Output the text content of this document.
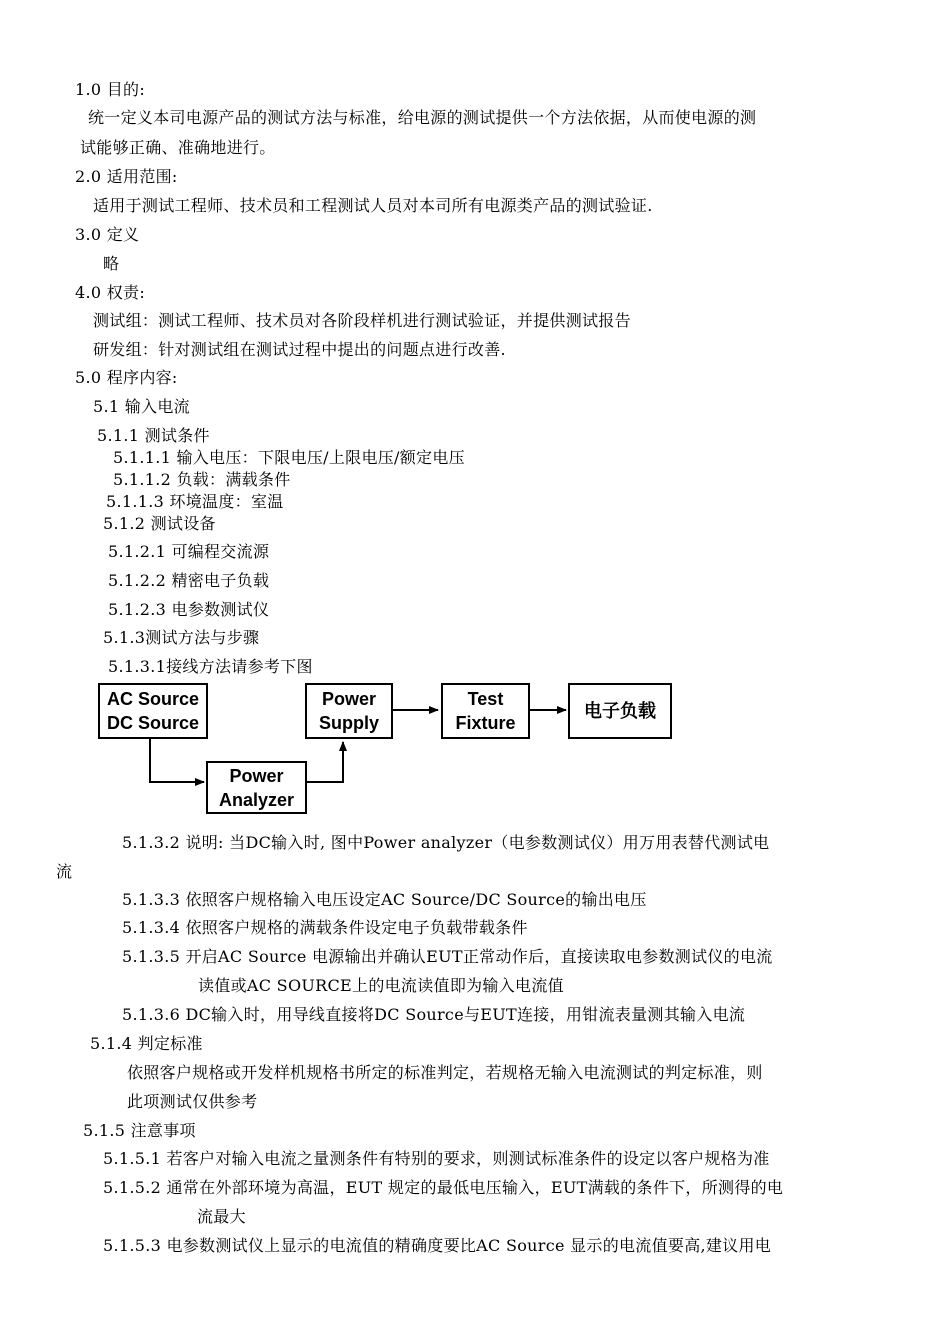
1.0 目的:
统一定义本司电源产品的测试方法与标准，给电源的测试提供一个方法依据，从而使电源的测
试能够正确、准确地进行。
2.0 适用范围:
适用于测试工程师、技术员和工程测试人员对本司所有电源类产品的测试验证.
3.0 定义
略
4.0 权责:
测试组：测试工程师、技术员对各阶段样机进行测试验证，并提供测试报告
研发组：针对测试组在测试过程中提出的问题点进行改善.
5.0 程序内容:
5.1 输入电流
5.1.1 测试条件
5.1.1.1 输入电压：下限电压/上限电压/额定电压
5.1.1.2 负载：满载条件
5.1.1.3 环境温度：室温
5.1.2 测试设备
5.1.2.1 可编程交流源
5.1.2.2 精密电子负载
5.1.2.3 电参数测试仪
5.1.3测试方法与步骤
5.1.3.1接线方法请参考下图
AC Source
DC Source
Power
Analyzer
Power
Supply
Test
Fixture
电子负载
5.1.3.2 说明: 当DC输入时, 图中Power analyzer（电参数测试仪）用万用表替代测试电
流
5.1.3.3 依照客户规格输入电压设定AC Source/DC Source的输出电压
5.1.3.4 依照客户规格的满载条件设定电子负载带载条件
5.1.3.5 开启AC Source 电源输出并确认EUT正常动作后，直接读取电参数测试仪的电流
读值或AC SOURCE上的电流读值即为输入电流值
5.1.3.6 DC输入时，用导线直接将DC Source与EUT连接，用钳流表量测其输入电流
5.1.4 判定标准
依照客户规格或开发样机规格书所定的标准判定，若规格无输入电流测试的判定标准，则
此项测试仅供参考
5.1.5 注意事项
5.1.5.1 若客户对输入电流之量测条件有特别的要求，则测试标准条件的设定以客户规格为准
5.1.5.2 通常在外部环境为高温，EUT 规定的最低电压输入，EUT满载的条件下，所测得的电
流最大
5.1.5.3 电参数测试仪上显示的电流值的精确度要比AC Source 显示的电流值要高,建议用电
